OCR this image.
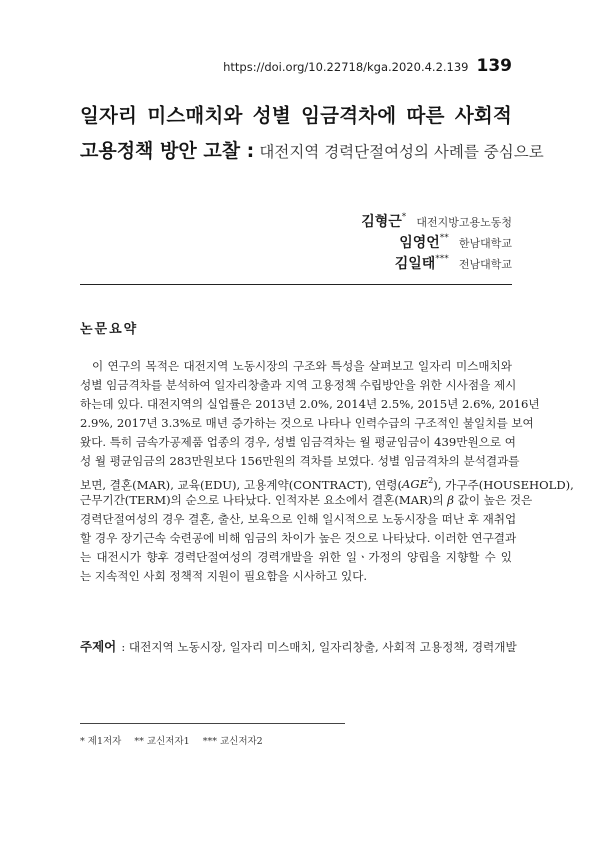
https://doi.org/10.22718/kga.2020.4.2.139 139
일자리 미스매치와 성별 임금격차에 따른 사회적
고용정책 방안 고찰 : 대전지역 경력단절여성의 사례를 중심으로
김형근* 대전지방고용노동청
임영언** 한남대학교
김일태*** 전남대학교
논문요약
이 연구의 목적은 대전지역 노동시장의 구조와 특성을 살펴보고 일자리 미스매치와
성별 임금격차를 분석하여 일자리창출과 지역 고용정책 수립방안을 위한 시사점을 제시
하는데 있다. 대전지역의 실업률은 2013년 2.0%, 2014년 2.5%, 2015년 2.6%, 2016년
2.9%, 2017년 3.3%로 매년 증가하는 것으로 나타나 인력수급의 구조적인 불일치를 보여
왔다. 특히 금속가공제품 업종의 경우, 성별 임금격차는 월 평균임금이 439만원으로 여
성 월 평균임금의 283만원보다 156만원의 격차를 보였다. 성별 임금격차의 분석결과를
보면, 결혼(MAR), 교육(EDU), 고용계약(CONTRACT), 연령(AGE$^2$), 가구주(HOUSEHOLD),
근무기간(TERM)의 순으로 나타났다. 인적자본 요소에서 결혼(MAR)의 β 값이 높은 것은
경력단절여성의 경우 결혼, 출산, 보육으로 인해 일시적으로 노동시장을 떠난 후 재취업
할 경우 장기근속 숙련공에 비해 임금의 차이가 높은 것으로 나타났다. 이러한 연구결과
는 대전시가 향후 경력단절여성의 경력개발을 위한 일ㆍ가정의 양립을 지향할 수 있
는 지속적인 사회 정책적 지원이 필요함을 시사하고 있다.
주제어 : 대전지역 노동시장, 일자리 미스매치, 일자리창출, 사회적 고용정책, 경력개발
* 제1저자 ** 교신저자1 *** 교신저자2
